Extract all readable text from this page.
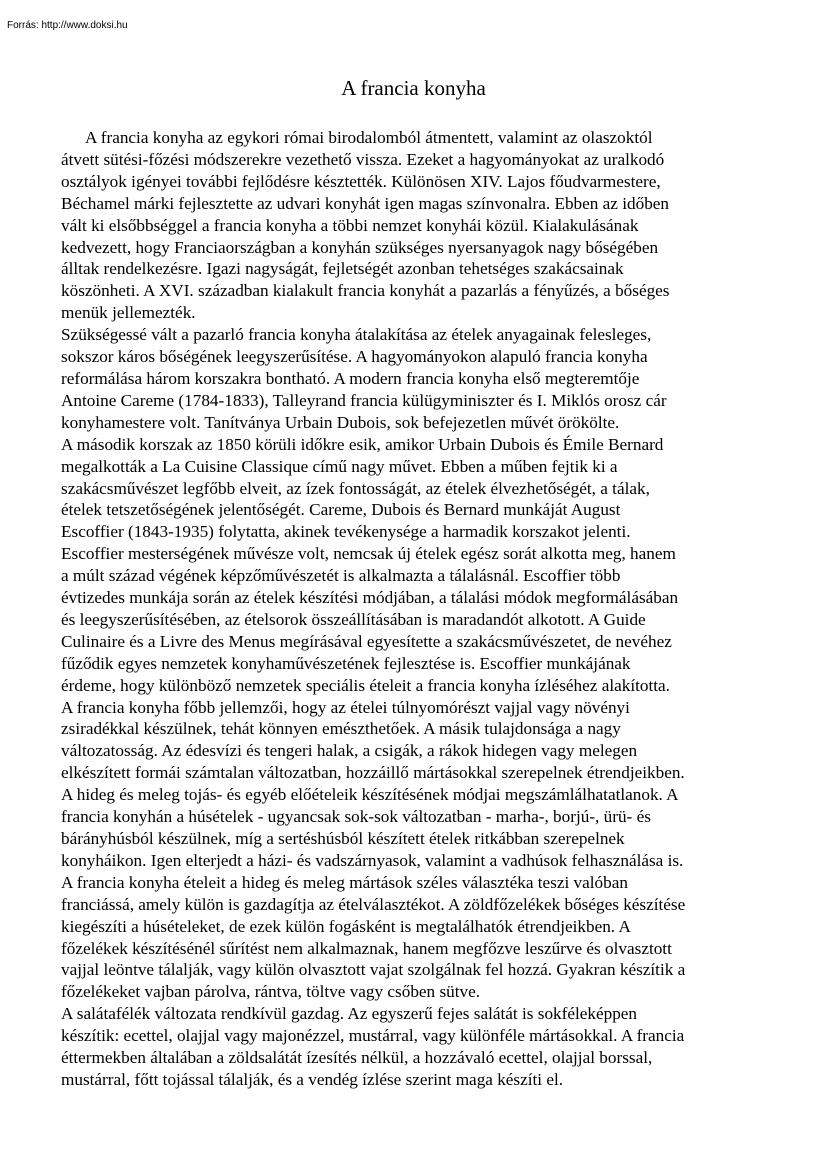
Forrás: http://www.doksi.hu
A francia konyha
A francia konyha az egykori római birodalomból átmentett, valamint az olaszoktól
átvett sütési-főzési módszerekre vezethető vissza. Ezeket a hagyományokat az uralkodó
osztályok igényei további fejlődésre késztették. Különösen XIV. Lajos főudvarmestere,
Béchamel márki fejlesztette az udvari konyhát igen magas színvonalra. Ebben az időben
vált ki elsőbbséggel a francia konyha a többi nemzet konyhái közül. Kialakulásának
kedvezett, hogy Franciaországban a konyhán szükséges nyersanyagok nagy bőségében
álltak rendelkezésre. Igazi nagyságát, fejletségét azonban tehetséges szakácsainak
köszönheti. A XVI. században kialakult francia konyhát a pazarlás a fényűzés, a bőséges
menük jellemezték.
Szükségessé vált a pazarló francia konyha átalakítása az ételek anyagainak felesleges,
sokszor káros bőségének leegyszerűsítése. A hagyományokon alapuló francia konyha
reformálása három korszakra bontható. A modern francia konyha első megteremtője
Antoine Careme (1784-1833), Talleyrand francia külügyminiszter és I. Miklós orosz cár
konyhamestere volt. Tanítványa Urbain Dubois, sok befejezetlen művét örökölte.
A második korszak az 1850 körüli időkre esik, amikor Urbain Dubois és Émile Bernard
megalkották a La Cuisine Classique című nagy művet. Ebben a műben fejtik ki a
szakácsművészet legfőbb elveit, az ízek fontosságát, az ételek élvezhetőségét, a tálak,
ételek tetszetőségének jelentőségét. Careme, Dubois és Bernard munkáját August
Escoffier (1843-1935) folytatta, akinek tevékenysége a harmadik korszakot jelenti.
Escoffier mesterségének művésze volt, nemcsak új ételek egész sorát alkotta meg, hanem
a múlt század végének képzőművészetét is alkalmazta a tálalásnál. Escoffier több
évtizedes munkája során az ételek készítési módjában, a tálalási módok megformálásában
és leegyszerűsítésében, az ételsorok összeállításában is maradandót alkotott. A Guide
Culinaire és a Livre des Menus megírásával egyesítette a szakácsművészetet, de nevéhez
fűződik egyes nemzetek konyhaművészetének fejlesztése is. Escoffier munkájának
érdeme, hogy különböző nemzetek speciális ételeit a francia konyha ízléséhez alakította.
A francia konyha főbb jellemzői, hogy az ételei túlnyomórészt vajjal vagy növényi
zsiradékkal készülnek, tehát könnyen emészthetőek. A másik tulajdonsága a nagy
változatosság. Az édesvízi és tengeri halak, a csigák, a rákok hidegen vagy melegen
elkészített formái számtalan változatban, hozzáillő mártásokkal szerepelnek étrendjeikben.
A hideg és meleg tojás- és egyéb előételeik készítésének módjai megszámlálhatatlanok. A
francia konyhán a húsételek - ugyancsak sok-sok változatban - marha-, borjú-, ürü- és
bárányhúsból készülnek, míg a sertéshúsból készített ételek ritkábban szerepelnek
konyháikon. Igen elterjedt a házi- és vadszárnyasok, valamint a vadhúsok felhasználása is.
A francia konyha ételeit a hideg és meleg mártások széles választéka teszi valóban
franciássá, amely külön is gazdagítja az ételválasztékot. A zöldfőzelékek bőséges készítése
kiegészíti a húsételeket, de ezek külön fogásként is megtalálhatók étrendjeikben. A
főzelékek készítésénél sűrítést nem alkalmaznak, hanem megfőzve leszűrve és olvasztott
vajjal leöntve tálalják, vagy külön olvasztott vajat szolgálnak fel hozzá. Gyakran készítik a
főzelékeket vajban párolva, rántva, töltve vagy csőben sütve.
A salátafélék változata rendkívül gazdag. Az egyszerű fejes salátát is sokféleképpen
készítik: ecettel, olajjal vagy majonézzel, mustárral, vagy különféle mártásokkal. A francia
éttermekben általában a zöldsalátát ízesítés nélkül, a hozzávaló ecettel, olajjal borssal,
mustárral, főtt tojással tálalják, és a vendég ízlése szerint maga készíti el.
